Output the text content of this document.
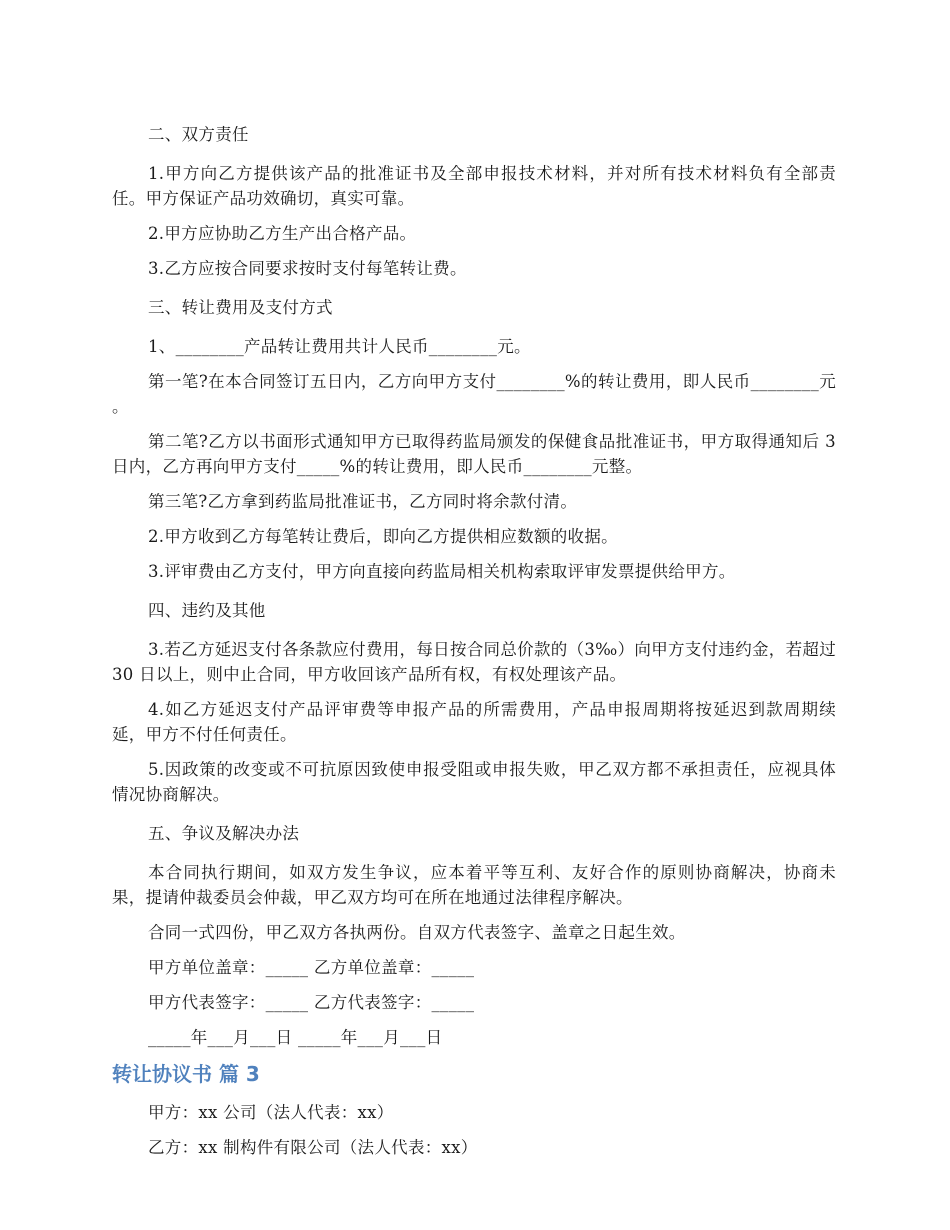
二、双方责任

1.甲方向乙方提供该产品的批准证书及全部申报技术材料，并对所有技术材料负有全部责任。甲方保证产品功效确切，真实可靠。

2.甲方应协助乙方生产出合格产品。

3.乙方应按合同要求按时支付每笔转让费。

三、转让费用及支付方式

1、________产品转让费用共计人民币________元。

第一笔?在本合同签订五日内，乙方向甲方支付________%的转让费用，即人民币________元 。

第二笔?乙方以书面形式通知甲方已取得药监局颁发的保健食品批准证书，甲方取得通知后 3 日内，乙方再向甲方支付_____%的转让费用，即人民币________元整。

第三笔?乙方拿到药监局批准证书，乙方同时将余款付清。

2.甲方收到乙方每笔转让费后，即向乙方提供相应数额的收据。

3.评审费由乙方支付，甲方向直接向药监局相关机构索取评审发票提供给甲方。

四、违约及其他

3.若乙方延迟支付各条款应付费用，每日按合同总价款的（3‰）向甲方支付违约金，若超过 30 日以上，则中止合同，甲方收回该产品所有权，有权处理该产品。

4.如乙方延迟支付产品评审费等申报产品的所需费用，产品申报周期将按延迟到款周期续延，甲方不付任何责任。

5.因政策的改变或不可抗原因致使申报受阻或申报失败，甲乙双方都不承担责任，应视具体情况协商解决。

五、争议及解决办法

本合同执行期间，如双方发生争议，应本着平等互利、友好合作的原则协商解决，协商未果，提请仲裁委员会仲裁，甲乙双方均可在所在地通过法律程序解决。

合同一式四份，甲乙双方各执两份。自双方代表签字、盖章之日起生效。

甲方单位盖章：_____ 乙方单位盖章：_____

甲方代表签字：_____ 乙方代表签字：_____

_____年___月___日 _____年___月___日

转让协议书 篇 3

甲方：xx 公司（法人代表：xx）

乙方：xx 制构件有限公司（法人代表：xx）
